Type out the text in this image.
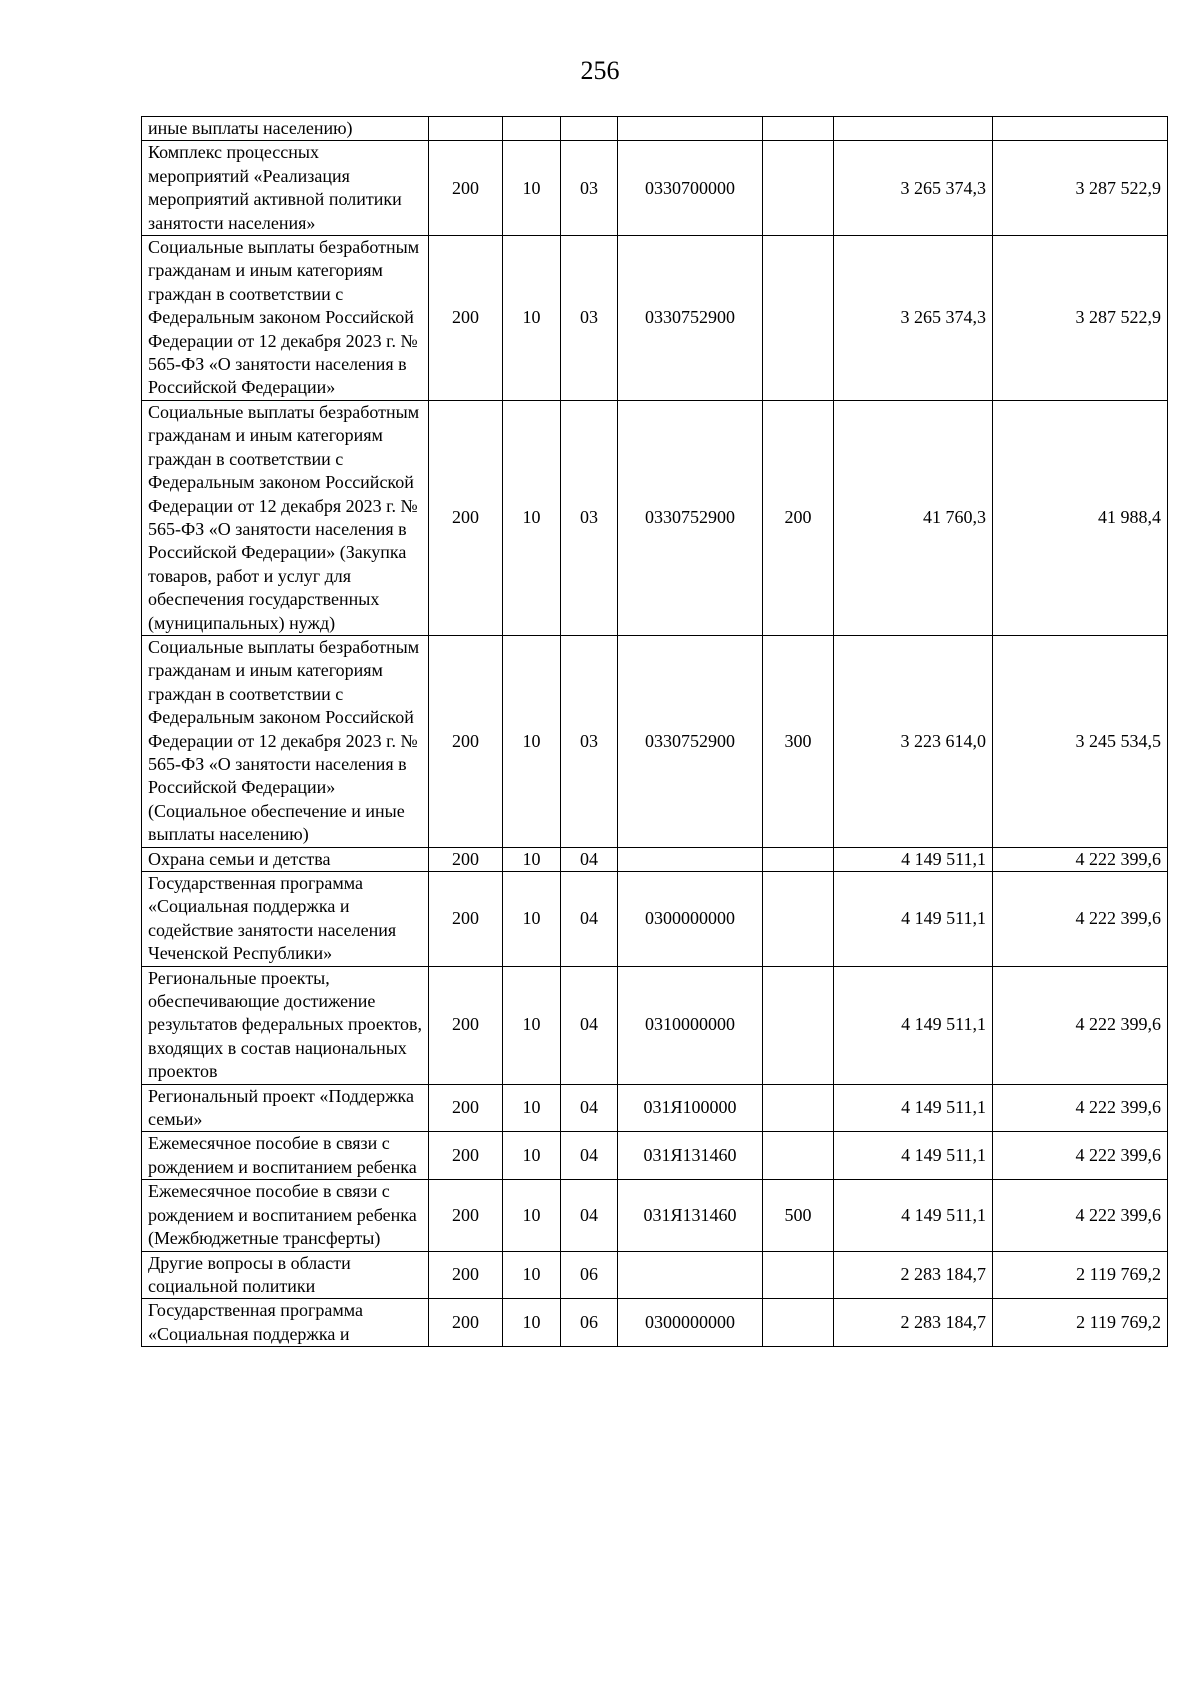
256
иные выплаты населению)							
Комплекс процессных мероприятий «Реализация мероприятий активной политики занятости населения»	200	10	03	0330700000		3 265 374,3	3 287 522,9
Социальные выплаты безработным гражданам и иным категориям граждан в соответствии с Федеральным законом Российской Федерации от 12 декабря 2023 г. № 565-ФЗ «О занятости населения в Российской Федерации»	200	10	03	0330752900		3 265 374,3	3 287 522,9
Социальные выплаты безработным гражданам и иным категориям граждан в соответствии с Федеральным законом Российской Федерации от 12 декабря 2023 г. № 565-ФЗ «О занятости населения в Российской Федерации» (Закупка товаров, работ и услуг для обеспечения государственных (муниципальных) нужд)	200	10	03	0330752900	200	41 760,3	41 988,4
Социальные выплаты безработным гражданам и иным категориям граждан в соответствии с Федеральным законом Российской Федерации от 12 декабря 2023 г. № 565-ФЗ «О занятости населения в Российской Федерации» (Социальное обеспечение и иные выплаты населению)	200	10	03	0330752900	300	3 223 614,0	3 245 534,5
Охрана семьи и детства	200	10	04			4 149 511,1	4 222 399,6
Государственная программа «Социальная поддержка и содействие занятости населения Чеченской Республики»	200	10	04	0300000000		4 149 511,1	4 222 399,6
Региональные проекты, обеспечивающие достижение результатов федеральных проектов, входящих в состав национальных проектов	200	10	04	0310000000		4 149 511,1	4 222 399,6
Региональный проект «Поддержка семьи»	200	10	04	031Я100000		4 149 511,1	4 222 399,6
Ежемесячное пособие в связи с рождением и воспитанием ребенка	200	10	04	031Я131460		4 149 511,1	4 222 399,6
Ежемесячное пособие в связи с рождением и воспитанием ребенка (Межбюджетные трансферты)	200	10	04	031Я131460	500	4 149 511,1	4 222 399,6
Другие вопросы в области социальной политики	200	10	06			2 283 184,7	2 119 769,2
Государственная программа «Социальная поддержка и	200	10	06	0300000000		2 283 184,7	2 119 769,2
